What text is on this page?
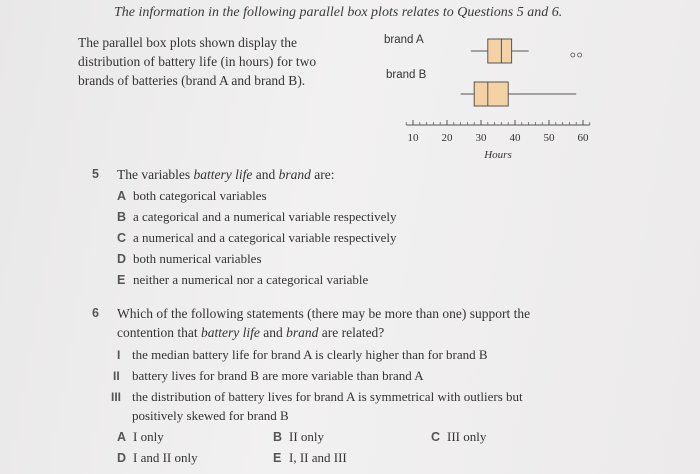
The information in the following parallel box plots relates to Questions 5 and 6.
The parallel box plots shown display the
distribution of battery life (in hours) for two
brands of batteries (brand A and brand B).
brand A
brand B
10 20 30 40 50 60
Hours
5 The variables battery life and brand are:
A both categorical variables
B a categorical and a numerical variable respectively
C a numerical and a categorical variable respectively
D both numerical variables
E neither a numerical nor a categorical variable
6 Which of the following statements (there may be more than one) support the
contention that battery life and brand are related?
I the median battery life for brand A is clearly higher than for brand B
II battery lives for brand B are more variable than brand A
III the distribution of battery lives for brand A is symmetrical with outliers but
positively skewed for brand B
A I only	B II only	C III only
D I and II only	E I, II and III
